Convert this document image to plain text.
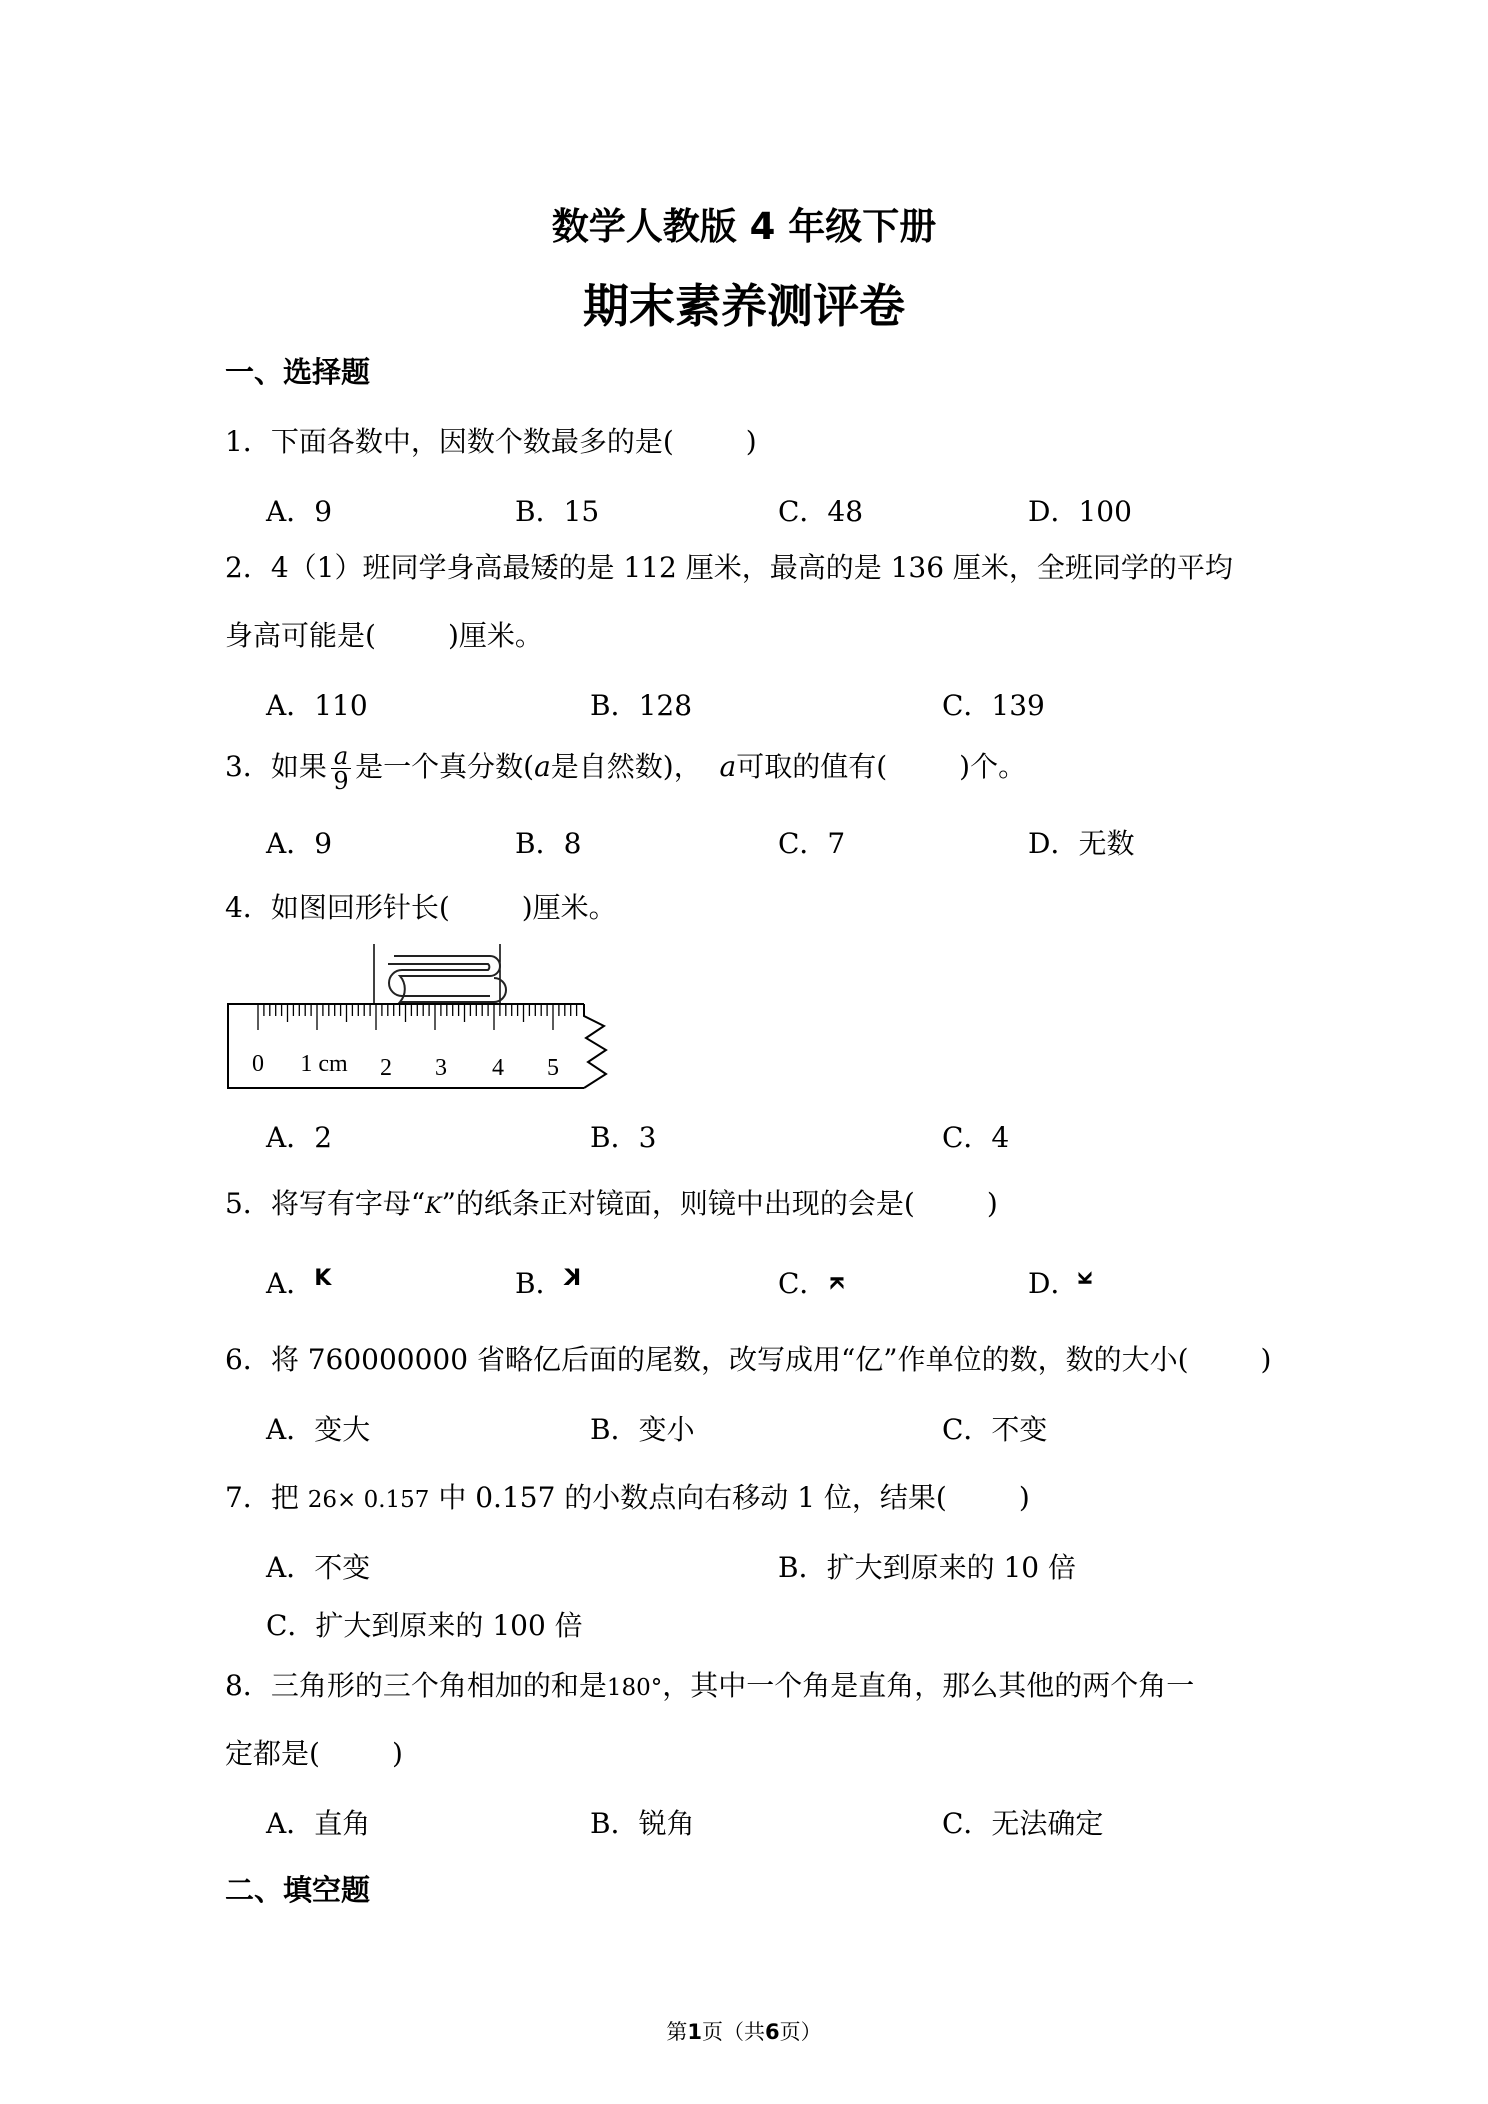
数学人教版 4 年级下册
期末素养测评卷
一、选择题
1．下面各数中，因数个数最多的是(	)
A．9	B．15	C．48	D．100
2．4（1）班同学身高最矮的是 112 厘米，最高的是 136 厘米，全班同学的平均
身高可能是(	)厘米。
A．110	B．128	C．139
3．如果 $\frac{a}{9}$ 是一个真分数(a是自然数)， a可取的值有(	)个。
A．9	B．8	C．7	D．无数
4．如图回形针长(	)厘米。
0 1 cm 2 3 4 5
A．2	B．3	C．4
5．将写有字母“K”的纸条正对镜面，则镜中出现的会是(	)
A．K	B．K	C．K	D．K
6．将 760000000 省略亿后面的尾数，改写成用“亿”作单位的数，数的大小(	)
A．变大	B．变小	C．不变
7．把 26× 0.157 中 0.157 的小数点向右移动 1 位，结果(	)
A．不变	B．扩大到原来的 10 倍
C．扩大到原来的 100 倍
8．三角形的三个角相加的和是180°，其中一个角是直角，那么其他的两个角一
定都是(	)
A．直角	B．锐角	C．无法确定
二、填空题
第1页（共6页）
